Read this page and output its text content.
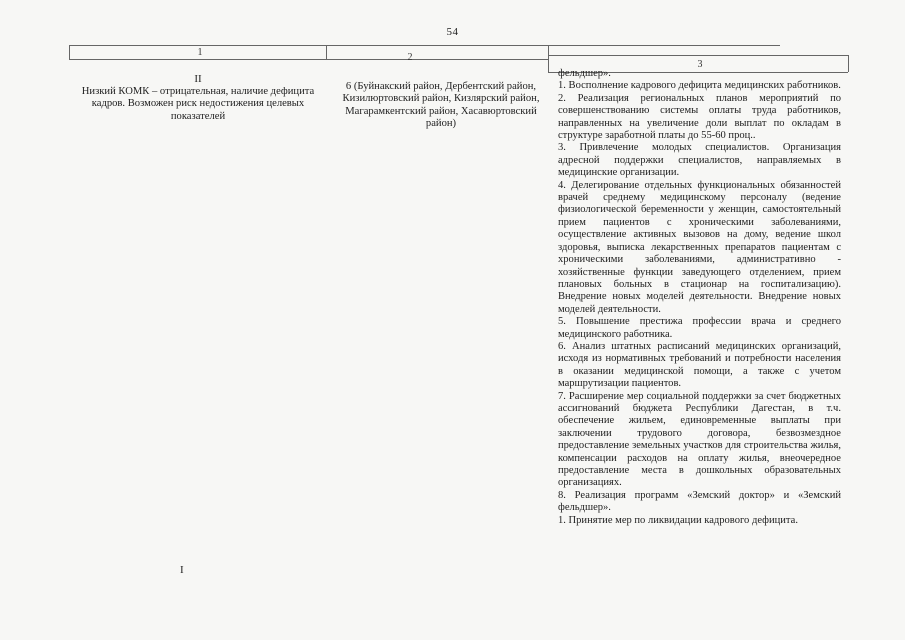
54
1	2
3
II
Низкий КОМК – отрицательная, наличие дефицита кадров. Возможен риск недостижения целевых показателей
6 (Буйнакский район, Дербентский район, Кизилюртовский район, Кизлярский район, Магарамкентский район, Хасавюртовский район)

фельдшер».

1. Восполнение кадрового дефицита медицинских работников.

2. Реализация региональных планов мероприятий по совершенствованию системы оплаты труда работников, направленных на увеличение доли выплат по окладам в структуре заработной платы до 55-60 проц..

3. Привлечение молодых специалистов. Организация адресной поддержки специалистов, направляемых в медицинские организации.

4. Делегирование отдельных функциональных обязанностей врачей среднему медицинскому персоналу (ведение физиологической беременности у женщин, самостоятельный прием пациентов с хроническими заболеваниями, осуществление активных вызовов на дому, ведение школ здоровья, выписка лекарственных препаратов пациентам с хроническими заболеваниями, административно - хозяйственные функции заведующего отделением, прием плановых больных в стационар на госпитализацию). Внедрение новых моделей деятельности. Внедрение новых моделей деятельности.

5. Повышение престижа профессии врача и среднего медицинского работника.

6. Анализ штатных расписаний медицинских организаций, исходя из нормативных требований и потребности населения в оказании медицинской помощи, а также с учетом маршрутизации пациентов.

7. Расширение мер социальной поддержки за счет бюджетных ассигнований бюджета Республики Дагестан, в т.ч. обеспечение жильем, единовременные выплаты при заключении трудового договора, безвозмездное предоставление земельных участков для строительства жилья, компенсации расходов на оплату жилья, внеочередное предоставление места в дошкольных образовательных организациях.

8. Реализация программ «Земский доктор» и «Земский фельдшер».

1. Принятие мер по ликвидации кадрового дефицита.

I
